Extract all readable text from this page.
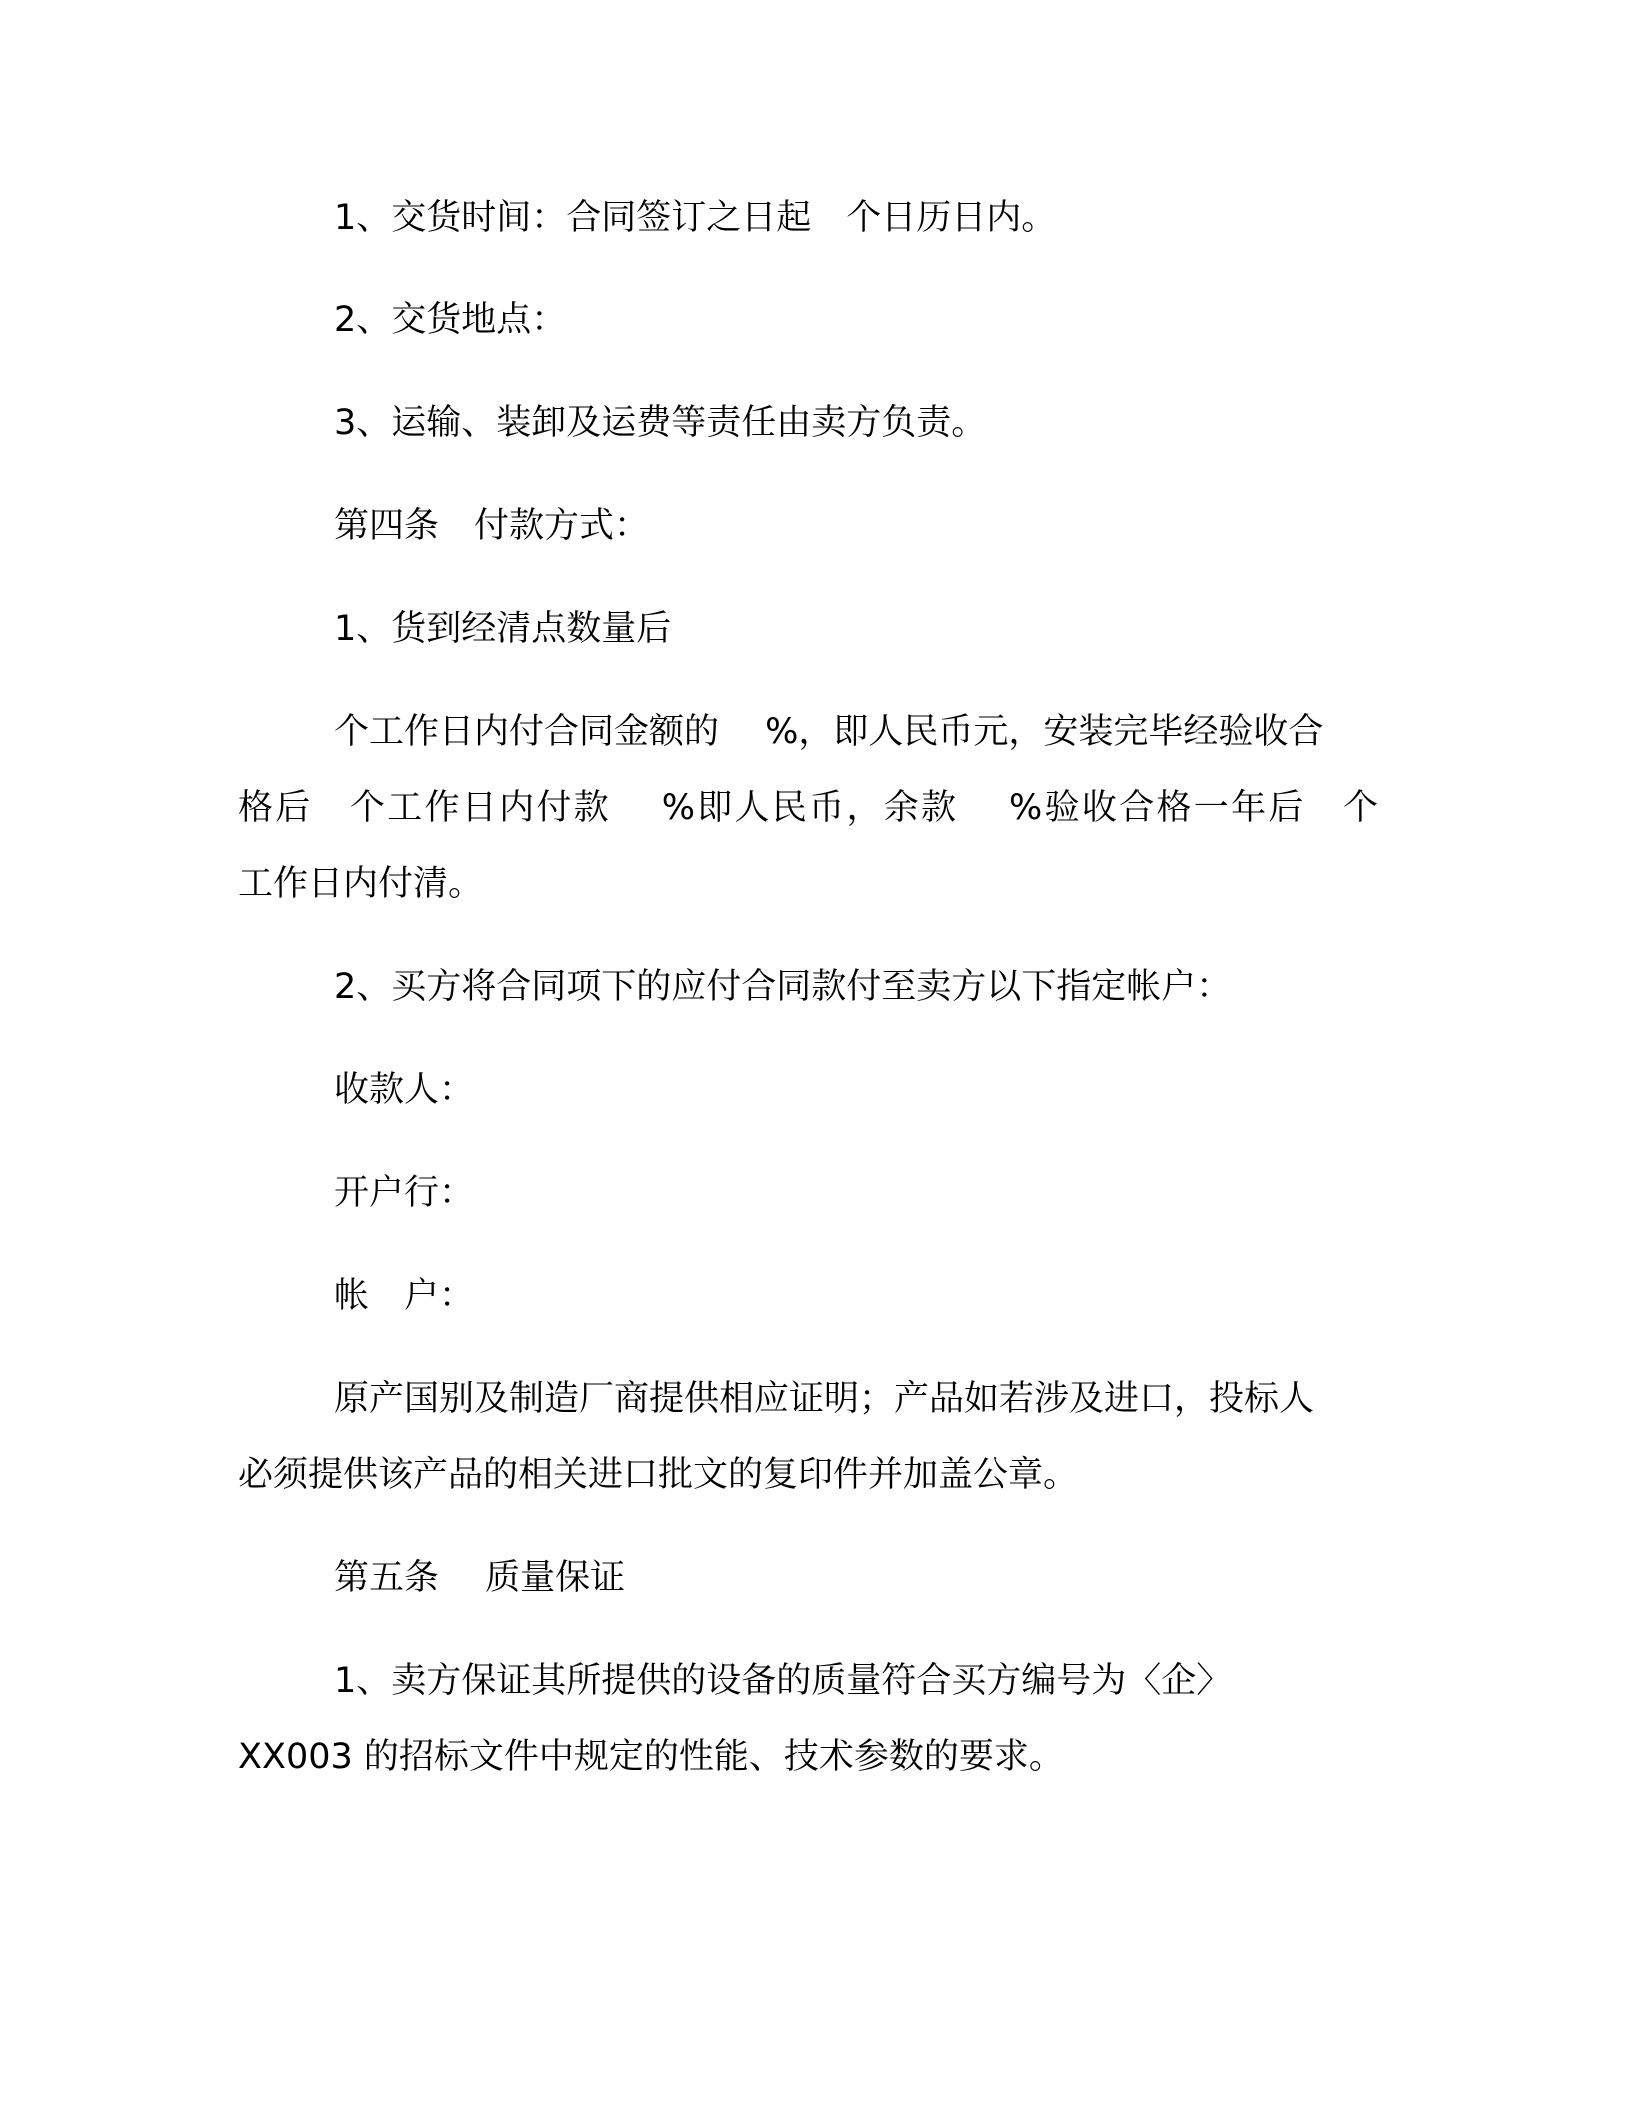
1、交货时间：合同签订之日起　个日历日内。
2、交货地点：
3、运输、装卸及运费等责任由卖方负责。
第四条　付款方式：
1、货到经清点数量后
个工作日内付合同金额的　 %，即人民币元，安装完毕经验收合
格后　个工作日内付款　 %即人民币，余款　 %验收合格一年后　个
工作日内付清。
2、买方将合同项下的应付合同款付至卖方以下指定帐户：
收款人：
开户行：
帐　户：
原产国别及制造厂商提供相应证明；产品如若涉及进口，投标人
必须提供该产品的相关进口批文的复印件并加盖公章。
第五条　 质量保证
1、卖方保证其所提供的设备的质量符合买方编号为〈企〉
XX003 的招标文件中规定的性能、技术参数的要求。
